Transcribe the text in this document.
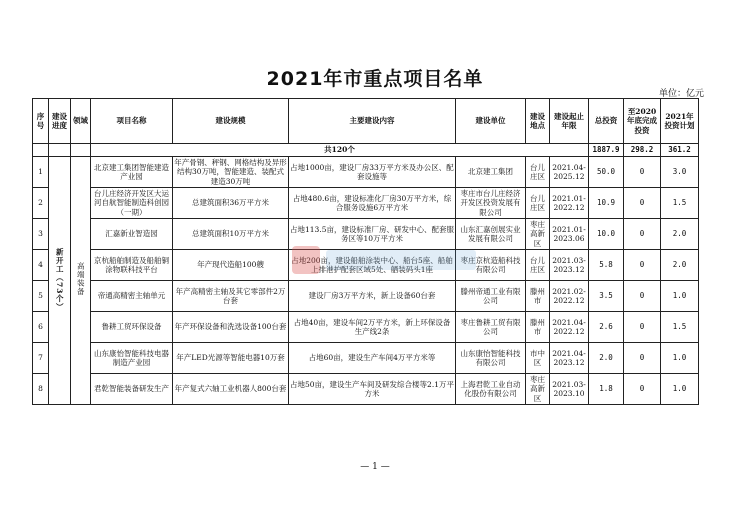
2021年市重点项目名单
单位：亿元
序号	建设进度	领域	项目名称	建设规模	主要建设内容	建设单位	建设地点	建设起止年限	总投资	至2020年底完成投资	2021年投资计划
			共120个						1887.9	298.2	361.2
1	新开工（73个）	高端装备	北京建工集团智能建造产业园	年产骨钢、秤钢、网格结构及异形结构30万吨，智能建造、装配式建造30万吨	占地1000亩，建设厂房33万平方米及办公区、配套设施等	北京建工集团	台儿庄区	2021.04-2025.12	50.0	0	3.0
2			台儿庄经济开发区大运河自航智能制造科创园（一期）	总建筑面积36万平方米	占地480.6亩，建设标准化厂房30万平方米，综合服务设施6万平方米	枣庄市台儿庄经济开发区投资发展有限公司	台儿庄区	2021.01-2022.12	10.9	0	1.5
3			汇嘉新业智造园	总建筑面积10万平方米	占地113.5亩，建设标准厂房、研发中心、配套服务区等10万平方米	山东汇嘉创展实业发展有限公司	枣庄高新区	2021.01-2023.06	10.0	0	2.0
4			京杭船舶制造及船舶铜涂物联科技平台	年产现代造船100艘	占地200亩，建设船舶涂装中心、船台5座、船舶上排港护配套区域5处、舾装码头1座	枣庄京杭造船科技有限公司	台儿庄区	2021.03-2023.12	5.8	0	2.0
5			帝通高精密主轴单元	年产高精密主轴及其它零部件2万台套	建设厂房3万平方米，新上设备60台套	滕州帝通工业有限公司	滕州市	2021.02-2022.12	3.5	0	1.0
6			鲁耕工贸环保设备	年产环保设备和洗选设备100台套	占地40亩，建设车间2万平方米，新上环保设备生产线2条	枣庄鲁耕工贸有限公司	滕州市	2021.04-2022.12	2.6	0	1.5
7			山东康怡智能科技电器制造产业园	年产LED光源等智能电器10万套	占地60亩，建设生产车间4万平方米等	山东康怡智能科技有限公司	市中区	2021.04-2023.12	2.0	0	1.0
8			君乾智能装备研发生产	年产复式六轴工业机器人800台套	占地50亩，建设生产车间及研发综合楼等2.1万平方米	上海君乾工业自动化股份有限公司	枣庄高新区	2021.03-2023.10	1.8	0	1.0
— 1 —
